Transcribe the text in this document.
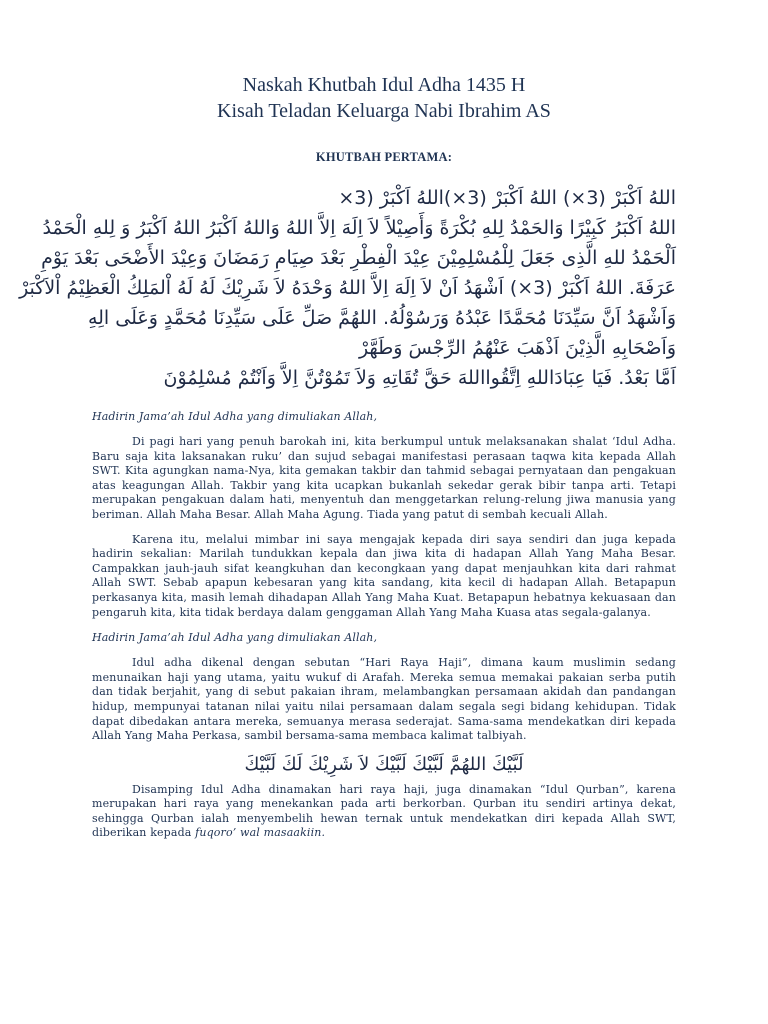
Naskah Khutbah Idul Adha 1435 H
Kisah Teladan Keluarga Nabi Ibrahim AS
KHUTBAH PERTAMA:
اللهُ اَكْبَرْ (3×) اللهُ اَكْبَرْ (3×)اللهُ اَكْبَرْ (3×
اللهُ اَكْبَرُ كَبِيْرًا وَالحَمْدُ لِلهِ بُكْرَةً وَأَصِيْلاً لاَ اِلَهَ اِلاَّ اللهُ وَاللهُ اَكْبَرُ اللهُ اَكْبَرُ وَ لِلهِ الْحَمْدُ
اَلْحَمْدُ للهِ الَّذِى جَعَلَ لِلْمُسْلِمِيْنَ عِيْدَ الْفِطْرِ بَعْدَ صِيَامِ رَمَضَانَ وَعِيْدَ الأَضْحَى بَعْدَ يَوْمِ
عَرَفَةَ. اللهُ اَكْبَرْ (3×) اَشْهَدُ اَنْ لاَ اِلَهَ اِلاَّ اللهُ وَحْدَهُ لاَ شَرِيْكَ لَهُ لَهُ اْلمَلِكُ الْعَظِيْمُ اْلاَكْبَرْ
وَاَشْهَدُ اَنَّ سَيِّدَنَا مُحَمَّدًا عَبْدُهُ وَرَسُوْلُهُ. اللهُمَّ صَلِّ عَلَى سَيِّدِنَا مُحَمَّدٍ وَعَلَى الِهِ
وَاَصْحَابِهِ الَّذِيْنَ اَذْهَبَ عَنْهُمُ الرِّجْسَ وَطَهَّرْ
اَمَّا بَعْدُ. فَيَا عِبَادَاللهِ اِتَّقُوااللهَ حَقَّ تُقَاتِهِ وَلاَ تَمُوْتُنَّ اِلاَّ وَاَنْتُمْ مُسْلِمُوْنَ

Hadirin Jama’ah Idul Adha yang dimuliakan Allah,

Di pagi hari yang penuh barokah ini, kita berkumpul untuk melaksanakan shalat ‘Idul Adha. Baru saja kita laksanakan ruku’ dan sujud sebagai manifestasi perasaan taqwa kita kepada Allah SWT. Kita agungkan nama-Nya, kita gemakan takbir dan tahmid sebagai pernyataan dan pengakuan atas keagungan Allah. Takbir yang kita ucapkan bukanlah sekedar gerak bibir tanpa arti. Tetapi merupakan pengakuan dalam hati, menyentuh dan menggetarkan relung-relung jiwa manusia yang beriman. Allah Maha Besar. Allah Maha Agung. Tiada yang patut di sembah kecuali Allah.

Karena itu, melalui mimbar ini saya mengajak kepada diri saya sendiri dan juga kepada hadirin sekalian: Marilah tundukkan kepala dan jiwa kita di hadapan Allah Yang Maha Besar. Campakkan jauh-jauh sifat keangkuhan dan kecongkaan yang dapat menjauhkan kita dari rahmat Allah SWT. Sebab apapun kebesaran yang kita sandang, kita kecil di hadapan Allah. Betapapun perkasanya kita, masih lemah dihadapan Allah Yang Maha Kuat. Betapapun hebatnya kekuasaan dan pengaruh kita, kita tidak berdaya dalam genggaman Allah Yang Maha Kuasa atas segala-galanya.

Hadirin Jama’ah Idul Adha yang dimuliakan Allah,

Idul adha dikenal dengan sebutan “Hari Raya Haji”, dimana kaum muslimin sedang menunaikan haji yang utama, yaitu wukuf di Arafah. Mereka semua memakai pakaian serba putih dan tidak berjahit, yang di sebut pakaian ihram, melambangkan persamaan akidah dan pandangan hidup, mempunyai tatanan nilai yaitu nilai persamaan dalam segala segi bidang kehidupan. Tidak dapat dibedakan antara mereka, semuanya merasa sederajat. Sama-sama mendekatkan diri kepada Allah Yang Maha Perkasa, sambil bersama-sama membaca kalimat talbiyah.

لَبَّيْكَ اللهُمَّ لَبَّيْكَ لَبَّيْكَ لاَ شَرِيْكَ لَكَ لَبَّيْكَ

Disamping Idul Adha dinamakan hari raya haji, juga dinamakan “Idul Qurban”, karena merupakan hari raya yang menekankan pada arti berkorban. Qurban itu sendiri artinya dekat, sehingga Qurban ialah menyembelih hewan ternak untuk mendekatkan diri kepada Allah SWT, diberikan kepada fuqoro’ wal masaakiin.
